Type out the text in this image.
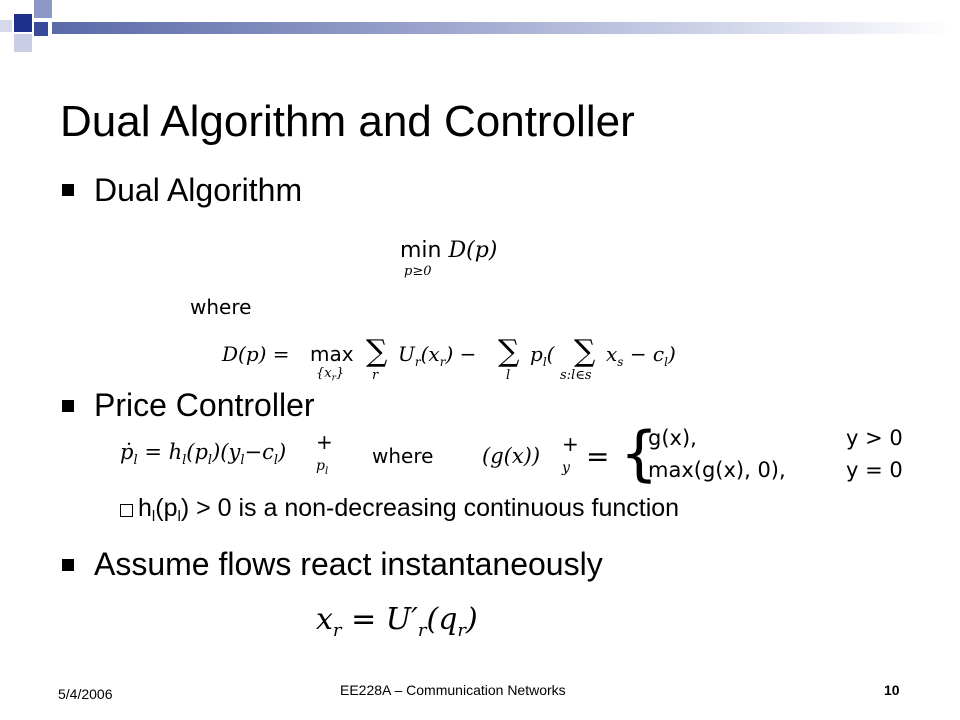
Dual Algorithm and Controller
Dual Algorithm
min D(p)
p≥0
where
D(p) = max
$\{x_r\}$
∑
r
$U_r(x_r)$ − ∑
l
$p_l$( ∑
s:l∈s
$x_s - c_l$)
Price Controller
ṗ$_l$ = $h_l(p_l)(y_l-c_l)$ +
$p_l$
where (g(x)) +
y = {
g(x),	y > 0
max(g(x), 0),	y = 0
$h_l(p_l) > 0$ is a non-decreasing continuous function
Assume flows react instantaneously
$x_r = U'_r(q_r)$
5/4/2006	EE228A – Communication Networks	10
